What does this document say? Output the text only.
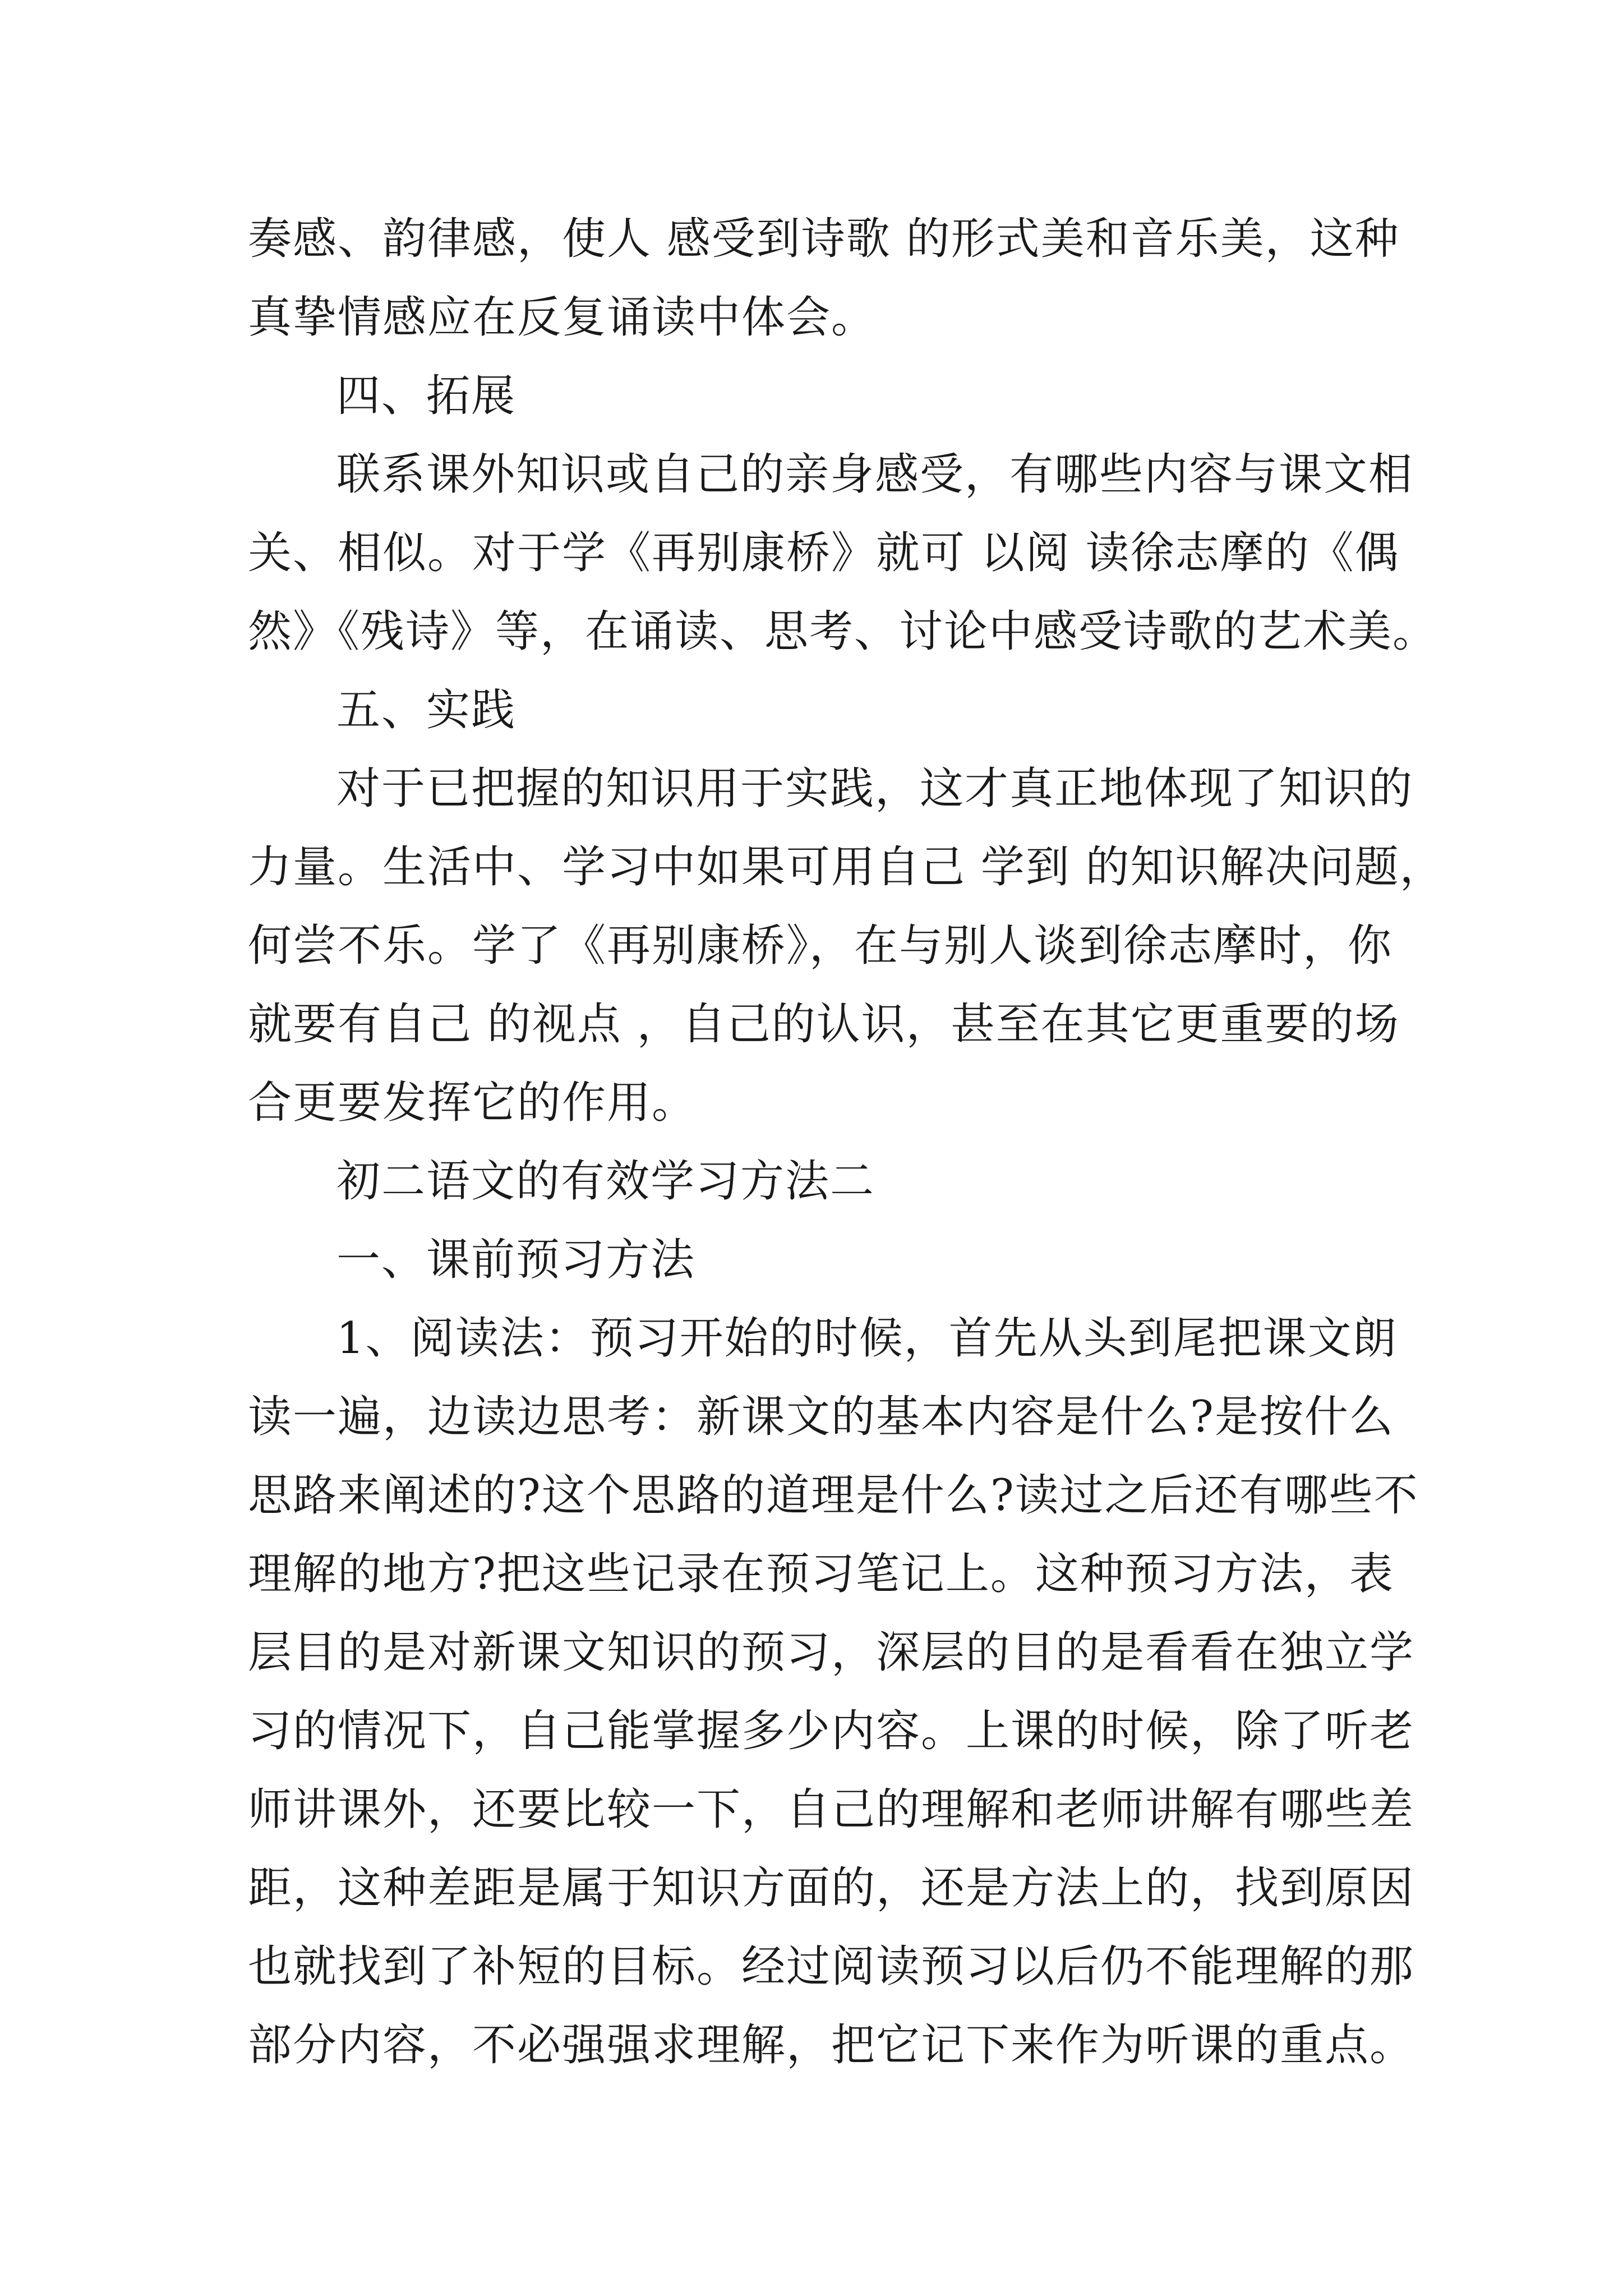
奏感、韵律感，使人 感受到诗歌 的形式美和音乐美，这种
真挚情感应在反复诵读中体会。
四、拓展
联系课外知识或自己的亲身感受，有哪些内容与课文相
关、相似。对于学《再别康桥》就可 以阅 读徐志摩的《偶
然》《残诗》等，在诵读、思考、讨论中感受诗歌的艺术美。
五、实践
对于已把握的知识用于实践，这才真正地体现了知识的
力量。生活中、学习中如果可用自己 学到 的知识解决问题，
何尝不乐。学了《再别康桥》，在与别人谈到徐志摩时，你
就要有自己 的视点 ，自己的认识，甚至在其它更重要的场
合更要发挥它的作用。
初二语文的有效学习方法二
一、课前预习方法
1、阅读法：预习开始的时候，首先从头到尾把课文朗
读一遍，边读边思考：新课文的基本内容是什么?是按什么
思路来阐述的?这个思路的道理是什么?读过之后还有哪些不
理解的地方?把这些记录在预习笔记上。这种预习方法，表
层目的是对新课文知识的预习，深层的目的是看看在独立学
习的情况下，自己能掌握多少内容。上课的时候，除了听老
师讲课外，还要比较一下，自己的理解和老师讲解有哪些差
距，这种差距是属于知识方面的，还是方法上的，找到原因
也就找到了补短的目标。经过阅读预习以后仍不能理解的那
部分内容，不必强强求理解，把它记下来作为听课的重点。
